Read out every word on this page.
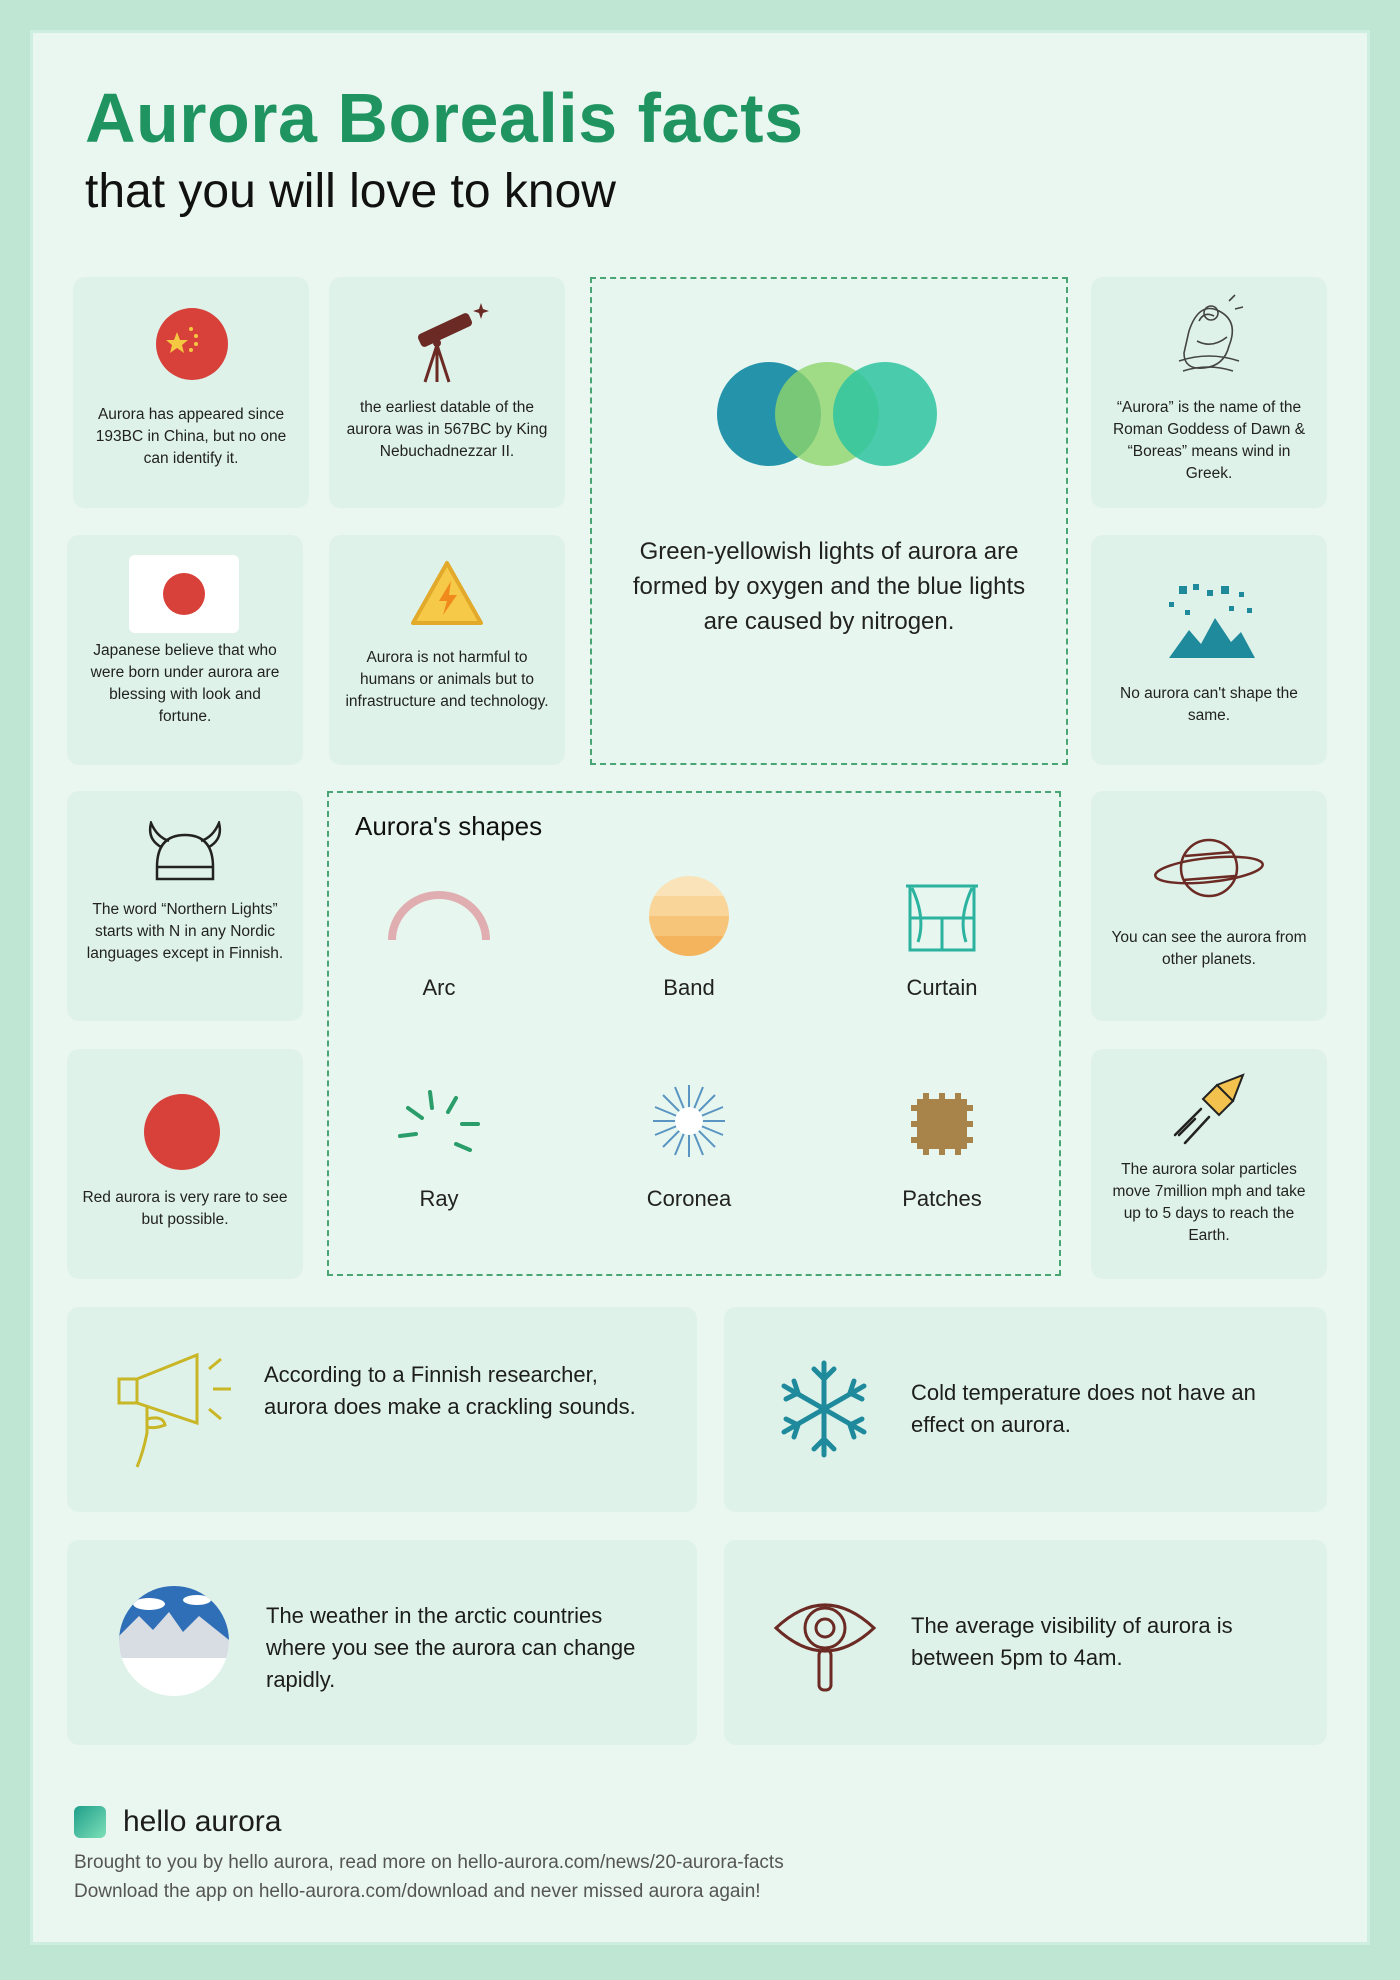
Aurora Borealis facts
that you will love to know
Aurora has appeared since 193BC in China, but no one can identify it.
the earliest datable of the aurora was in 567BC by King Nebuchadnezzar II.
Green-yellowish lights of aurora are formed by oxygen and the blue lights are caused by nitrogen.
“Aurora” is the name of the Roman Goddess of Dawn & “Boreas” means wind in Greek.
Japanese believe that who were born under aurora are blessing with look and fortune.
Aurora is not harmful to humans or animals but to infrastructure and technology.	No aurora can't shape the same.
Aurora's shapes
Arc	Band	Curtain
Ray	Coronea	Patches
The word “Northern Lights” starts with N in any Nordic languages except in Finnish.
You can see the aurora from other planets.
Red aurora is very rare to see but possible.
The aurora solar particles move 7million mph and take up to 5 days to reach the Earth.
According to a Finnish researcher, aurora does make a crackling sounds.
Cold temperature does not have an effect on aurora.
The weather in the arctic countries where you see the aurora can change rapidly.
The average visibility of aurora is between 5pm to 4am.
hello aurora
Brought to you by hello aurora, read more on hello-aurora.com/news/20-aurora-facts
Download the app on hello-aurora.com/download and never missed aurora again!
